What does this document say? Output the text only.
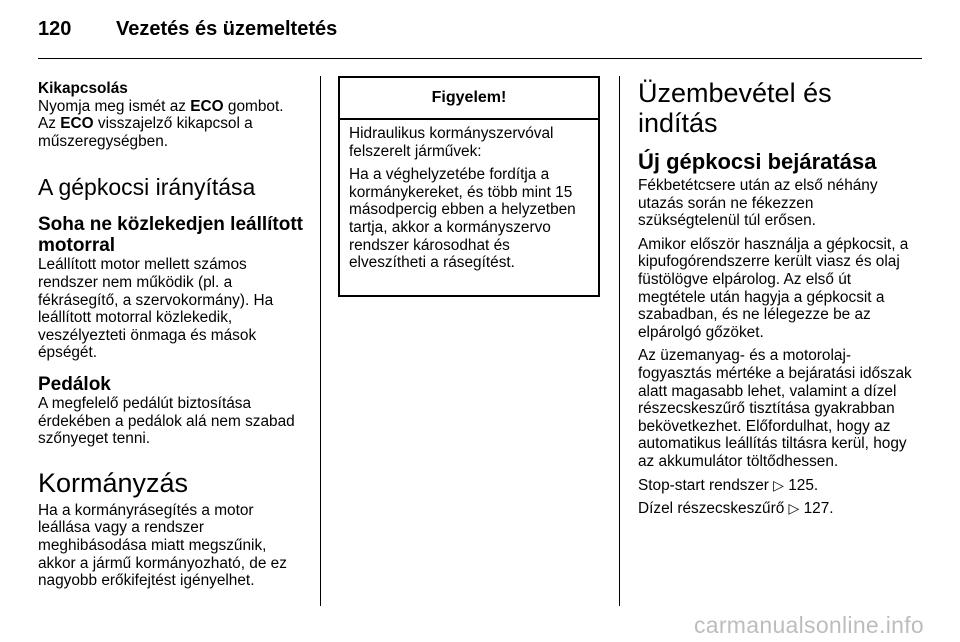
120 Vezetés és üzemeltetés

Kikapcsolás

Nyomja meg ismét az ECO gombot.

Az ECO visszajelző kikapcsol a műszeregységben.

A gépkocsi irányítása

Soha ne közlekedjen leállított motorral

Leállított motor mellett számos rendszer nem működik (pl. a fékrásegítő, a szervokormány). Ha leállított motorral közlekedik, veszélyezteti önmaga és mások épségét.

Pedálok

A megfelelő pedálút biztosítása érdekében a pedálok alá nem szabad szőnyeget tenni.

Kormányzás

Ha a kormányrásegítés a motor leállása vagy a rendszer meghibásodása miatt megszűnik, akkor a jármű kormányozható, de ez nagyobb erőkifejtést igényelhet.

Figyelem!

Hidraulikus kormányszervóval felszerelt járművek:

Ha a véghelyzetébe fordítja a kormánykereket, és több mint 15 másodpercig ebben a helyzetben tartja, akkor a kormányszervo rendszer károsodhat és elveszítheti a rásegítést.

Üzembevétel és indítás

Új gépkocsi bejáratása

Fékbetétcsere után az első néhány utazás során ne fékezzen szükségtelenül túl erősen.

Amikor először használja a gépkocsit, a kipufogórendszerre került viasz és olaj füstölögve elpárolog. Az első út megtétele után hagyja a gépkocsit a szabadban, és ne lélegezze be az elpárolgó gőzöket.

Az üzemanyag- és a motorolaj-fogyasztás mértéke a bejáratási időszak alatt magasabb lehet, valamint a dízel részecskeszűrő tisztítása gyakrabban bekövetkezhet. Előfordulhat, hogy az automatikus leállítás tiltásra kerül, hogy az akkumulátor töltődhessen.

Stop-start rendszer ▷ 125.

Dízel részecskeszűrő ▷ 127.

carmanualsonline.info
